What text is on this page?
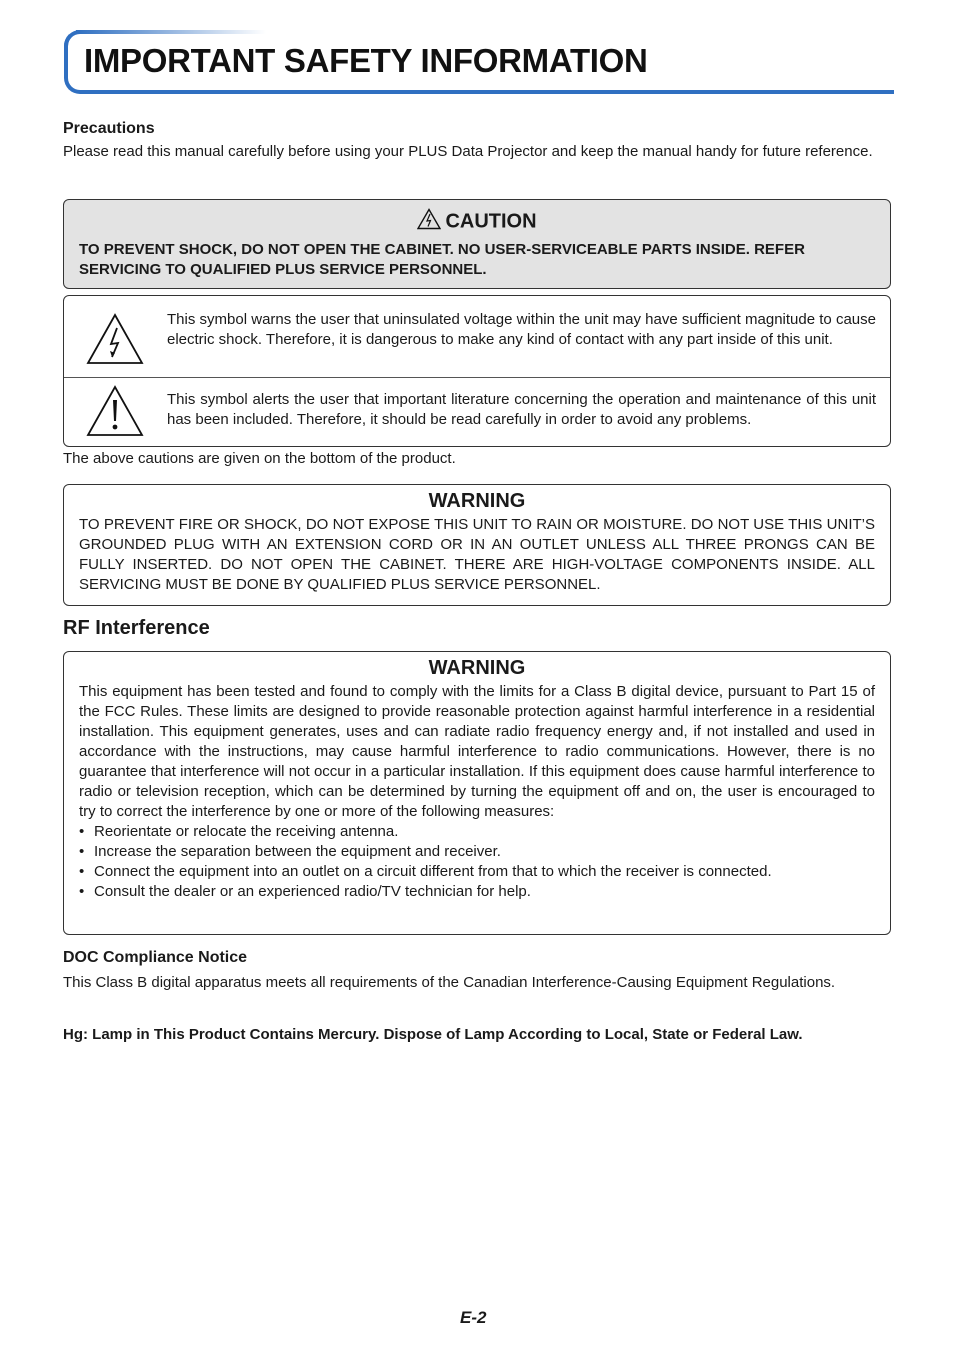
IMPORTANT SAFETY INFORMATION
Precautions

Please read this manual carefully before using your PLUS Data Projector and keep the manual handy for future reference.

CAUTION

TO PREVENT SHOCK, DO NOT OPEN THE CABINET. NO USER-SERVICEABLE PARTS INSIDE. REFER SERVICING TO QUALIFIED PLUS SERVICE PERSONNEL.

This symbol warns the user that uninsulated voltage within the unit may have sufficient magnitude to cause electric shock. Therefore, it is dangerous to make any kind of contact with any part inside of this unit.

This symbol alerts the user that important literature concerning the operation and maintenance of this unit has been included. Therefore, it should be read carefully in order to avoid any problems.

The above cautions are given on the bottom of the product.

WARNING

TO PREVENT FIRE OR SHOCK, DO NOT EXPOSE THIS UNIT TO RAIN OR MOISTURE. DO NOT USE THIS UNIT’S GROUNDED PLUG WITH AN EXTENSION CORD OR IN AN OUTLET UNLESS ALL THREE PRONGS CAN BE FULLY INSERTED. DO NOT OPEN THE CABINET. THERE ARE HIGH-VOLTAGE COMPONENTS INSIDE. ALL SERVICING MUST BE DONE BY QUALIFIED PLUS SERVICE PERSONNEL.

RF Interference
WARNING

This equipment has been tested and found to comply with the limits for a Class B digital device, pursuant to Part 15 of the FCC Rules. These limits are designed to provide reasonable protection against harmful interference in a residential installation. This equipment generates, uses and can radiate radio frequency energy and, if not installed and used in accordance with the instructions, may cause harmful interference to radio communications. However, there is no guarantee that interference will not occur in a particular installation. If this equipment does cause harmful interference to radio or television reception, which can be determined by turning the equipment off and on, the user is encouraged to try to correct the interference by one or more of the following measures:

• Reorientate or relocate the receiving antenna.
• Increase the separation between the equipment and receiver.
• Connect the equipment into an outlet on a circuit different from that to which the receiver is connected.
• Consult the dealer or an experienced radio/TV technician for help.
DOC Compliance Notice

This Class B digital apparatus meets all requirements of the Canadian Interference-Causing Equipment Regulations.

Hg: Lamp in This Product Contains Mercury. Dispose of Lamp According to Local, State or Federal Law.

E-2
